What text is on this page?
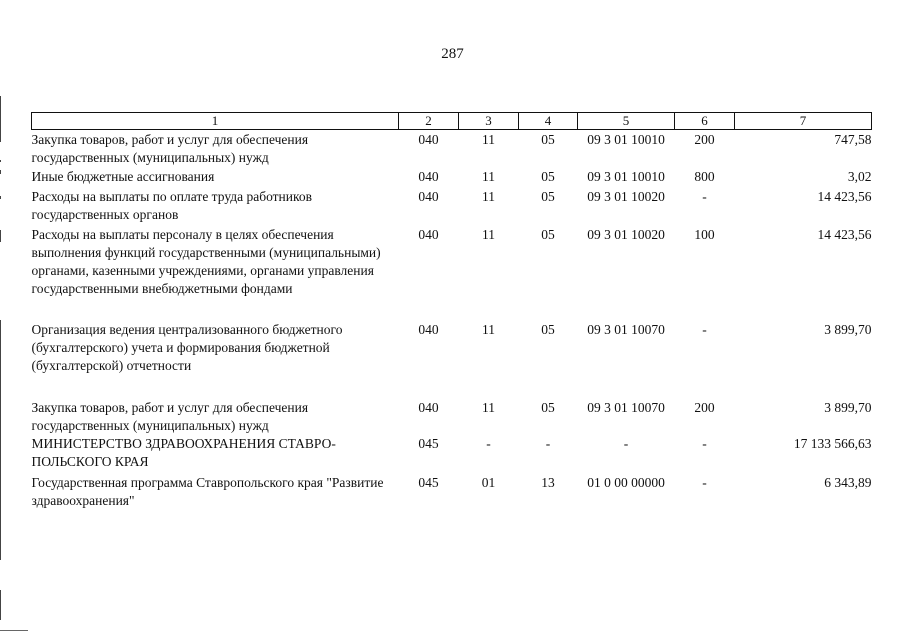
287
1	2	3	4	5	6	7
Закупка товаров, работ и услуг для обеспечения государственных (муниципальных) нужд	040	11	05	09 3 01 10010	200	747,58
Иные бюджетные ассигнования	040	11	05	09 3 01 10010	800	3,02
Расходы на выплаты по оплате труда работников государственных органов	040	11	05	09 3 01 10020	-	14 423,56
Расходы на выплаты персоналу в целях обеспечения выполнения функций государственными (муниципальными) органами, казенными учреждениями, органами управления государственными внебюджетными фондами	040	11	05	09 3 01 10020	100	14 423,56
Организация ведения централизованного бюджетного (бухгалтерского) учета и формирования бюджетной (бухгалтерской) отчетности	040	11	05	09 3 01 10070	-	3 899,70
Закупка товаров, работ и услуг для обеспечения государственных (муниципальных) нужд	040	11	05	09 3 01 10070	200	3 899,70
МИНИСТЕРСТВО ЗДРАВООХРАНЕНИЯ СТАВРО-ПОЛЬСКОГО КРАЯ	045	-	-	-	-	17 133 566,63
Государственная программа Ставропольского края "Развитие здравоохранения"	045	01	13	01 0 00 00000	-	6 343,89
